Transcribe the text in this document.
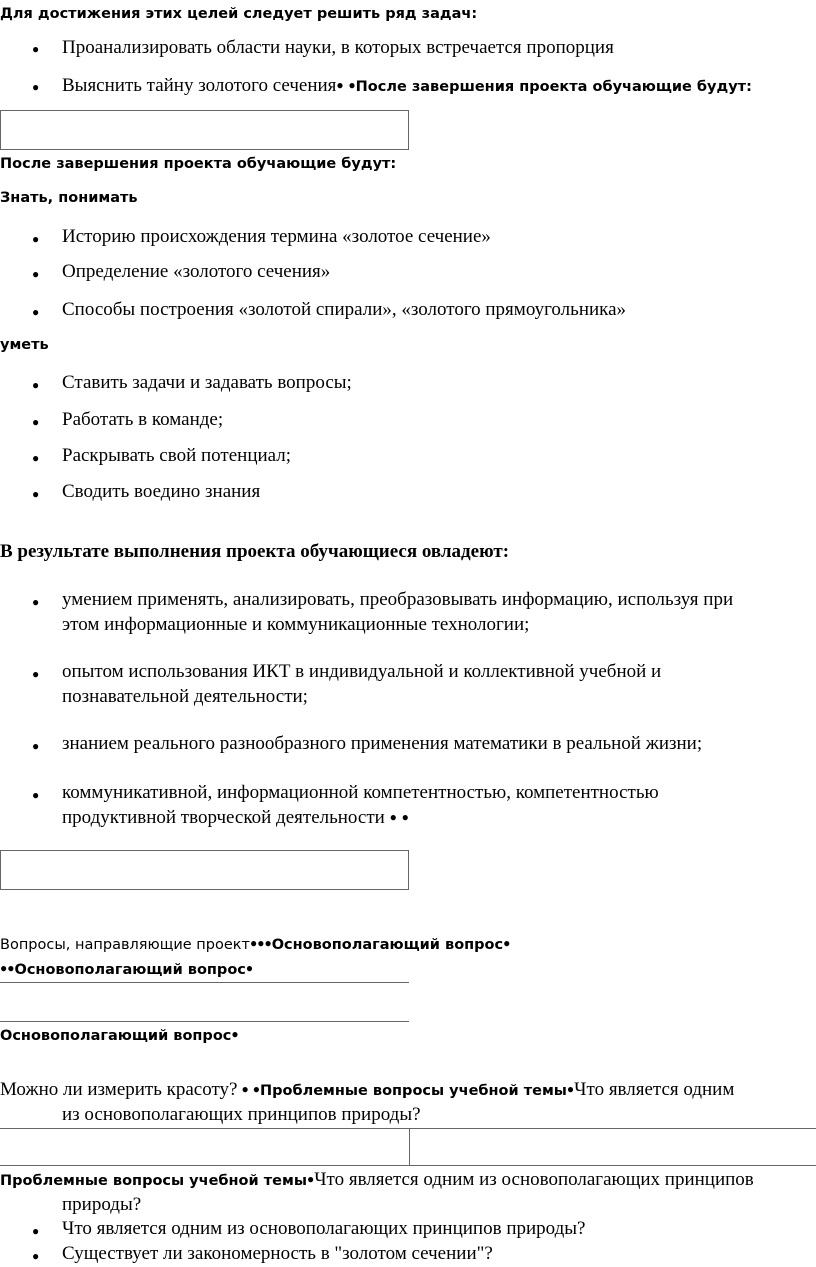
Для достижения этих целей следует решить ряд задач:
● Проанализировать области науки, в которых встречается пропорция
● Выяснить тайну золотого сечения● ●После завершения проекта обучающие будут:
После завершения проекта обучающие будут:
Знать, понимать
● Историю происхождения термина «золотое сечение»
● Определение «золотого сечения»
● Способы построения «золотой спирали», «золотого прямоугольника»
уметь
● Ставить задачи и задавать вопросы;
● Работать в команде;
● Раскрывать свой потенциал;
● Сводить воедино знания
В результате выполнения проекта обучающиеся овладеют:
● умением применять, анализировать, преобразовывать информацию, используя при
этом информационные и коммуникационные технологии;
● опытом использования ИКТ в индивидуальной и коллективной учебной и
познавательной деятельности;
● знанием реального разнообразного применения математики в реальной жизни;
● коммуникативной, информационной компетентностью, компетентностью
продуктивной творческой деятельности ● ●
Вопросы, направляющие проект●●●Основополагающий вопрос●
●●Основополагающий вопрос●
Основополагающий вопрос●
Можно ли измерить красоту? ● ●Проблемные вопросы учебной темы●Что является одним
из основополагающих принципов природы?
Проблемные вопросы учебной темы●Что является одним из основополагающих принципов
природы?
● Что является одним из основополагающих принципов природы?
● Существует ли закономерность в "золотом сечении"?
